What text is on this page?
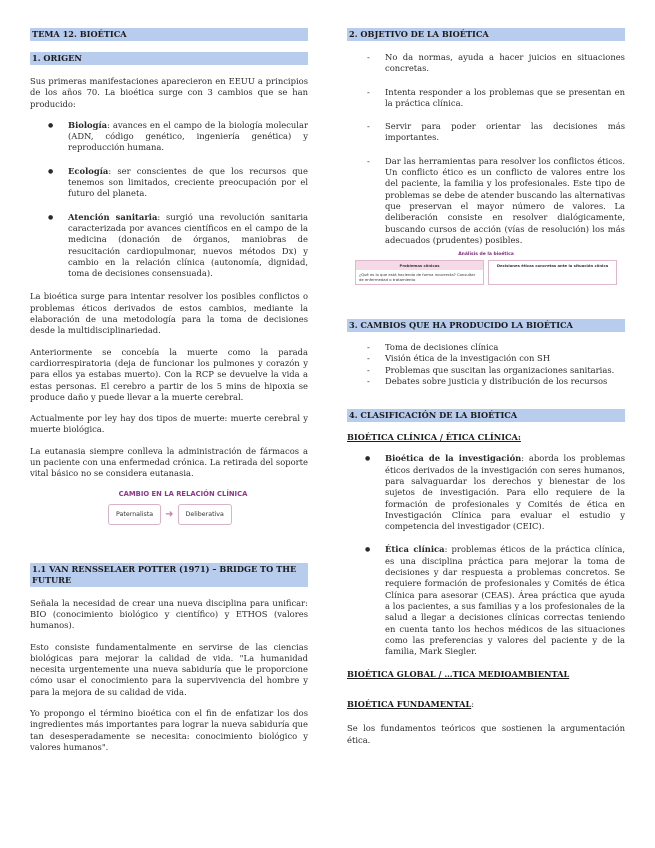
TEMA 12. BIOÉTICA
1. ORIGEN

Sus primeras manifestaciones aparecieron en EEUU a principios de los años 70. La bioética surge con 3 cambios que se han producido:

● Biología: avances en el campo de la biología molecular (ADN, código genético, ingeniería genética) y reproducción humana.
● Ecología: ser conscientes de que los recursos que tenemos son limitados, creciente preocupación por el futuro del planeta.
● Atención sanitaria: surgió una revolución sanitaria caracterizada por avances científicos en el campo de la medicina (donación de órganos, maniobras de resucitación cardiopulmonar, nuevos métodos Dx) y cambio en la relación clínica (autonomía, dignidad, toma de decisiones consensuada).

La bioética surge para intentar resolver los posibles conflictos o problemas éticos derivados de estos cambios, mediante la elaboración de una metodología para la toma de decisiones desde la multidisciplinariedad.

Anteriormente se concebía la muerte como la parada cardiorrespiratoria (deja de funcionar los pulmones y corazón y para ellos ya estabas muerto). Con la RCP se devuelve la vida a estas personas. El cerebro a partir de los 5 mins de hipoxia se produce daño y puede llevar a la muerte cerebral.

Actualmente por ley hay dos tipos de muerte: muerte cerebral y muerte biológica.

La eutanasia siempre conlleva la administración de fármacos a un paciente con una enfermedad crónica. La retirada del soporte vital básico no se considera eutanasia.

CAMBIO EN LA RELACIÓN CLÍNICA
Paternalista	➜	Deliberativa
1.1 VAN RENSSELAER POTTER (1971) – BRIDGE TO THE FUTURE

Señala la necesidad de crear una nueva disciplina para unificar: BIO (conocimiento biológico y científico) y ETHOS (valores humanos).

Esto consiste fundamentalmente en servirse de las ciencias biológicas para mejorar la calidad de vida. "La humanidad necesita urgentemente una nueva sabiduría que le proporcione cómo usar el conocimiento para la supervivencia del hombre y para la mejora de su calidad de vida.

Yo propongo el término bioética con el fin de enfatizar los dos ingredientes más importantes para lograr la nueva sabiduría que tan desesperadamente se necesita: conocimiento biológico y valores humanos".

2. OBJETIVO DE LA BIOÉTICA
- No da normas, ayuda a hacer juicios en situaciones concretas.
- Intenta responder a los problemas que se presentan en la práctica clínica.
- Servir para poder orientar las decisiones más importantes.
- Dar las herramientas para resolver los conflictos éticos. Un conflicto ético es un conflicto de valores entre los del paciente, la familia y los profesionales. Este tipo de problemas se debe de atender buscando las alternativas que preservan el mayor número de valores. La deliberación consiste en resolver dialógicamente, buscando cursos de acción (vías de resolución) los más adecuados (prudentes) posibles.
Análisis de la bioética
Problemas clínicos
¿Qué es lo que está haciendo de forma incorrecta? Consultar de enfermedad o tratamiento
Decisiones éticas concretas ante la situación clínica
3. CAMBIOS QUE HA PRODUCIDO LA BIOÉTICA
- Toma de decisiones clínica
- Visión ética de la investigación con SH
- Problemas que suscitan las organizaciones sanitarias.
- Debates sobre justicia y distribución de los recursos
4. CLASIFICACIÓN DE LA BIOÉTICA
BIOÉTICA CLÍNICA / ÉTICA CLÍNICA:
● Bioética de la investigación: aborda los problemas éticos derivados de la investigación con seres humanos, para salvaguardar los derechos y bienestar de los sujetos de investigación. Para ello requiere de la formación de profesionales y Comités de ética en Investigación Clínica para evaluar el estudio y competencia del investigador (CEIC).
● Ética clínica: problemas éticos de la práctica clínica, es una disciplina práctica para mejorar la toma de decisiones y dar respuesta a problemas concretos. Se requiere formación de profesionales y Comités de ética Clínica para asesorar (CEAS). Área práctica que ayuda a los pacientes, a sus familias y a los profesionales de la salud a llegar a decisiones clínicas correctas teniendo en cuenta tanto los hechos médicos de las situaciones como las preferencias y valores del paciente y de la familia, Mark Siegler.
BIOÉTICA GLOBAL / …TICA MEDIOAMBIENTAL
BIOÉTICA FUNDAMENTAL:

Se los fundamentos teóricos que sostienen la argumentación ética.
